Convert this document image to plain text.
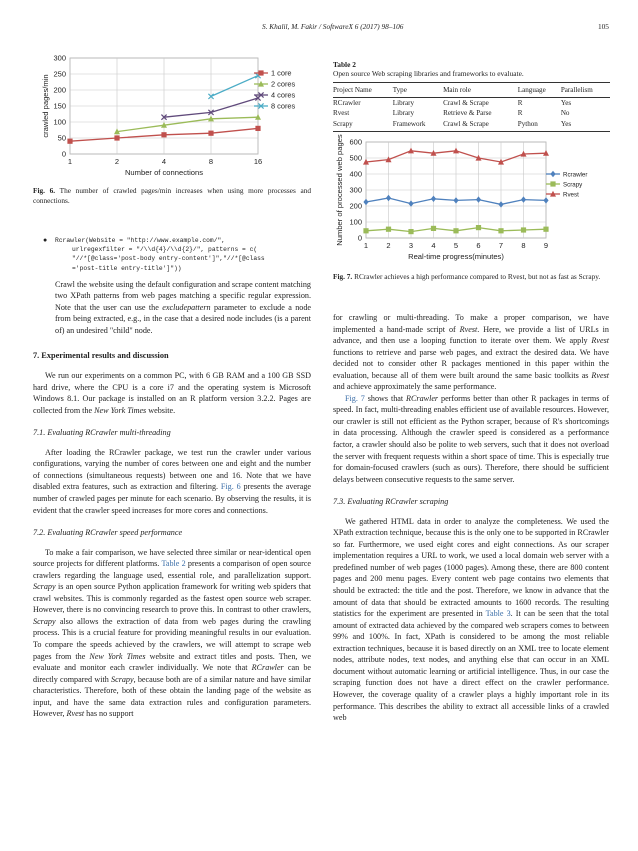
S. Khalil, M. Fakir / SoftwareX 6 (2017) 98–106	105
0
50
100
150
200
250
300
1	2	4	8	16
Number of connections
crawled pages/min
1 core
2 cores
4 cores
8 cores
Fig. 6. The number of crawled pages/min increases when using more processes and connections.
Table 2
Open source Web scraping libraries and frameworks to evaluate.
Project Name	Type	Main role	Language	Parallelism
RCrawler	Library	Crawl & Scrape	R	Yes
Rvest	Library	Retrieve & Parse	R	No
Scrapy	Framework	Crawl & Scrape	Python	Yes
0
100
200
300
400
500
600
1 2 3 4 5 6 7 8 9
Real-time progress(minutes)
Number of processed web pages	Rcrawler
Scrapy
Rvest
Fig. 7. RCrawler achieves a high performance compared to Rvest, but not as fast as Scrapy.
● Rcrawler(Website = "http://www.example.com/",
urlregexfilter = "/\\d{4}/\\d{2}/", patterns = c(
"//*[@class='post-body entry-content']","//*[@class
='post-title entry-title']"))

Crawl the website using the default configuration and scrape content matching two XPath patterns from web pages matching a specific regular expression. Note that the user can use the excludepattern parameter to exclude a node from being extracted, e.g., in the case that a desired node includes (is a parent of) an undesired "child" node.

7. Experimental results and discussion

We run our experiments on a common PC, with 6 GB RAM and a 100 GB SSD hard drive, where the CPU is a core i7 and the operating system is Microsoft Windows 8.1. Our package is installed on an R platform version 3.2.2. Pages are collected from the New York Times website.

7.1. Evaluating RCrawler multi-threading

After loading the RCrawler package, we test run the crawler under various configurations, varying the number of cores between one and eight and the number of connections (simultaneous requests) between one and 16. Note that we have disabled extra features, such as extraction and filtering. Fig. 6 presents the average number of crawled pages per minute for each scenario. By observing the results, it is evident that the crawler speed increases for more cores and connections.

7.2. Evaluating RCrawler speed performance

To make a fair comparison, we have selected three similar or near-identical open source projects for different platforms. Table 2 presents a comparison of open source crawlers regarding the language used, essential role, and parallelization support. Scrapy is an open source Python application framework for writing web spiders that crawl websites. This is commonly regarded as the fastest open source web scraper. However, there is no convincing research to prove this. In contrast to other crawlers, Scrapy also allows the extraction of data from web pages during the crawling process. This is a crucial feature for providing meaningful results in our evaluation. To compare the speeds achieved by the crawlers, we will attempt to scrape web pages from the New York Times website and extract titles and posts. Then, we evaluate and monitor each crawler individually. We note that RCrawler can be directly compared with Scrapy, because both are of a similar nature and have similar characteristics. Therefore, both of these obtain the landing page of the website as input, and have the same data extraction rules and configuration parameters. However, Rvest has no support

for crawling or multi-threading. To make a proper comparison, we have implemented a hand-made script of Rvest. Here, we provide a list of URLs in advance, and then use a looping function to iterate over them. We apply Rvest functions to retrieve and parse web pages, and extract the desired data. We have decided not to consider other R packages mentioned in this paper within the evaluation, because all of them were built around the same basic toolkits as Rvest and achieve approximately the same performance.

Fig. 7 shows that RCrawler performs better than other R packages in terms of speed. In fact, multi-threading enables efficient use of available resources. However, our crawler is still not efficient as the Python scraper, because of R's shortcomings in data processing. Although the crawler speed is considered as a performance factor, a crawler should also be polite to web servers, such that it does not overload the server with frequent requests within a short space of time. This is especially true for domain-focused crawlers (such as ours). Therefore, there should be sufficient delays between consecutive requests to the same server.

7.3. Evaluating RCrawler scraping

We gathered HTML data in order to analyze the completeness. We used the XPath extraction technique, because this is the only one to be supported in RCrawler so far. Furthermore, we used eight cores and eight connections. As our scraper implementation requires a URL to work, we used a local domain web server with a predefined number of web pages (1000 pages). Among these, there are 800 content pages and 200 menu pages. Every content web page contains two elements that should be extracted: the title and the post. Therefore, we know in advance that the amount of data that should be extracted amounts to 1600 records. The resulting statistics for the experiment are presented in Table 3. It can be seen that the total amount of extracted data achieved by the compared web scrapers comes to between 99% and 100%. In fact, XPath is considered to be among the most reliable extraction techniques, because it is based directly on an XML tree to locate element nodes, attribute nodes, text nodes, and anything else that can occur in an XML document without automatic learning or artificial intelligence. Thus, in our case the scraping function does not have a direct effect on the crawler performance. However, the coverage quality of a crawler plays a highly important role in its performance. This describes the ability to extract all accessible links of a crawled web
